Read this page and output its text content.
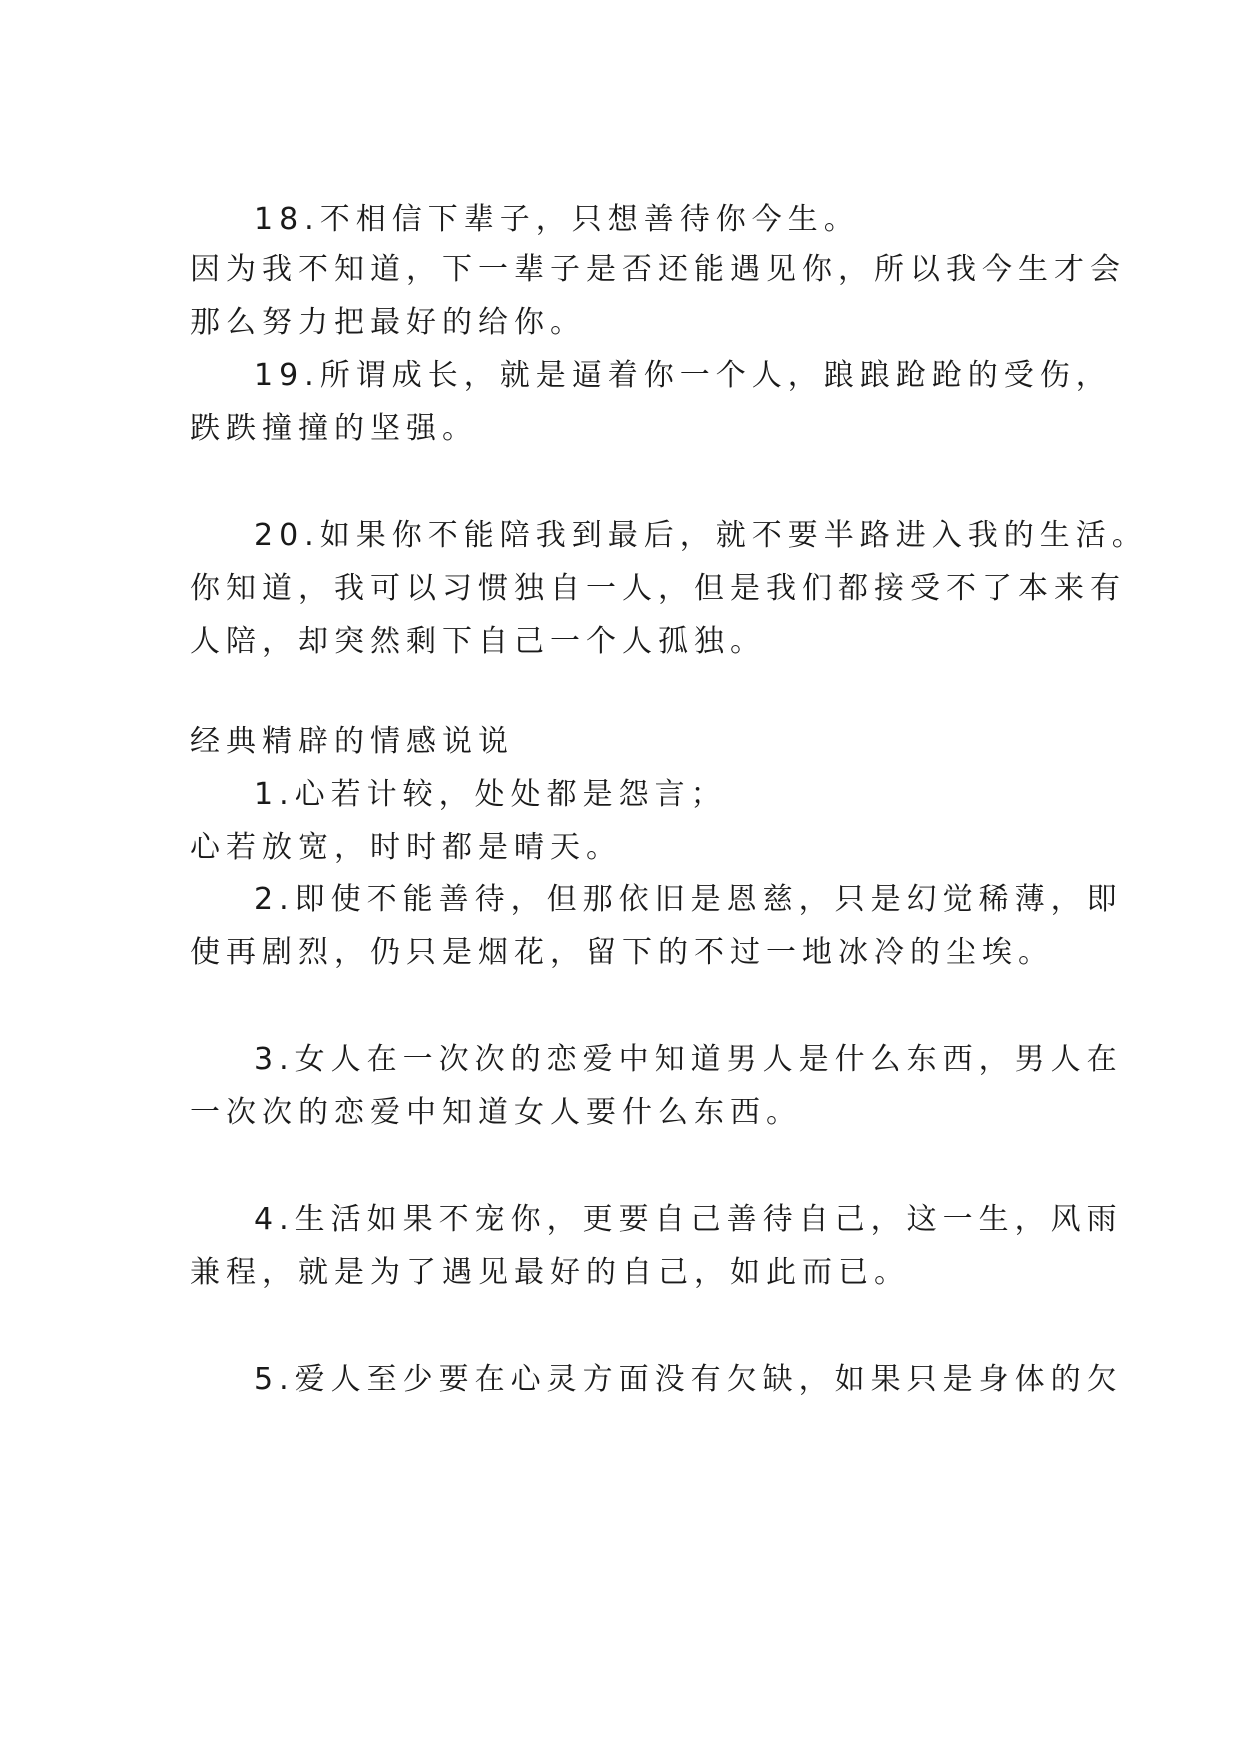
18.不相信下辈子，只想善待你今生。
因为我不知道，下一辈子是否还能遇见你，所以我今生才会
那么努力把最好的给你。
19.所谓成长，就是逼着你一个人，踉踉跄跄的受伤，
跌跌撞撞的坚强。
20.如果你不能陪我到最后，就不要半路进入我的生活。
你知道，我可以习惯独自一人，但是我们都接受不了本来有
人陪，却突然剩下自己一个人孤独。
经典精辟的情感说说
1.心若计较，处处都是怨言；
心若放宽，时时都是晴天。
2.即使不能善待，但那依旧是恩慈，只是幻觉稀薄，即
使再剧烈，仍只是烟花，留下的不过一地冰冷的尘埃。
3.女人在一次次的恋爱中知道男人是什么东西，男人在
一次次的恋爱中知道女人要什么东西。
4.生活如果不宠你，更要自己善待自己，这一生，风雨
兼程，就是为了遇见最好的自己，如此而已。
5.爱人至少要在心灵方面没有欠缺，如果只是身体的欠
